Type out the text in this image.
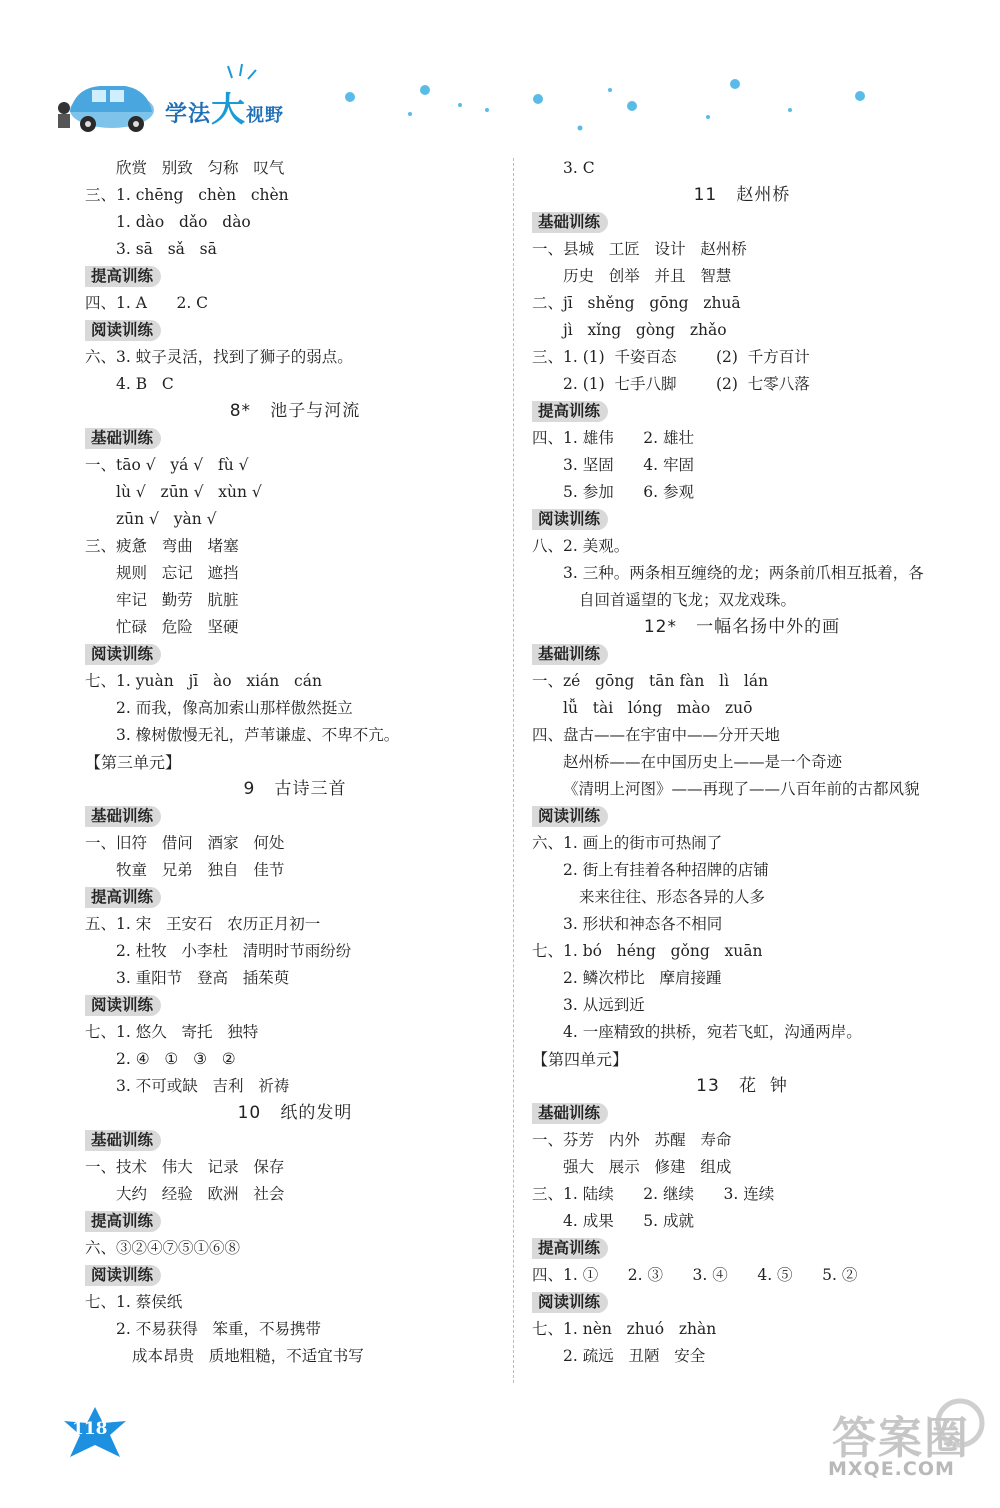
学法大视野
欣赏   别致   匀称   叹气
三、1. chēng   chèn   chèn
1. dào   dǎo   dào
3. sā   sǎ   sā
提高训练
四、1. A      2. C
阅读训练
六、3. 蚊子灵活，找到了狮子的弱点。
4. B   C
8*   池子与河流
基础训练
一、tāo √   yá √   fù √
lù √   zūn √   xùn √
zūn √   yàn √
三、疲惫   弯曲   堵塞
规则   忘记   遮挡
牢记   勤劳   肮脏
忙碌   危险   坚硬
阅读训练
七、1. yuàn   jī   ào   xián   cán
2. 而我，像高加索山那样傲然挺立
3. 橡树傲慢无礼，芦苇谦虚、不卑不亢。
【第三单元】
9   古诗三首
基础训练
一、旧符   借问   酒家   何处
牧童   兄弟   独自   佳节
提高训练
五、1. 宋   王安石   农历正月初一
2. 杜牧   小李杜   清明时节雨纷纷
3. 重阳节   登高   插茱萸
阅读训练
七、1. 悠久   寄托   独特
2. ④   ①   ③   ②
3. 不可或缺   吉利   祈祷
10   纸的发明
基础训练
一、技术   伟大   记录   保存
大约   经验   欧洲   社会
提高训练
六、③②④⑦⑤①⑥⑧
阅读训练
七、1. 蔡侯纸
2. 不易获得   笨重，不易携带
成本昂贵   质地粗糙，不适宜书写
3. C
11   赵州桥
基础训练
一、县城   工匠   设计   赵州桥
历史   创举   并且   智慧
二、jī   shěng   gōng   zhuā
jì   xǐng   gòng   zhǎo
三、1. (1)  千姿百态        (2)  千方百计
2. (1)  七手八脚        (2)  七零八落
提高训练
四、1. 雄伟      2. 雄壮
3. 坚固      4. 牢固
5. 参加      6. 参观
阅读训练
八、2. 美观。
3. 三种。两条相互缠绕的龙；两条前爪相互抵着，各
自回首遥望的飞龙；双龙戏珠。
12*   一幅名扬中外的画
基础训练
一、zé   gōng   tān fàn   lì   lán
lǚ   tài   lóng   mào   zuō
四、盘古——在宇宙中——分开天地
赵州桥——在中国历史上——是一个奇迹
《清明上河图》——再现了——八百年前的古都风貌
阅读训练
六、1. 画上的街市可热闹了
2. 街上有挂着各种招牌的店铺
来来往往、形态各异的人多
3. 形状和神态各不相同
七、1. bó   héng   gǒng   xuān
2. 鳞次栉比   摩肩接踵
3. 从远到近
4. 一座精致的拱桥，宛若飞虹，沟通两岸。
【第四单元】
13   花  钟
基础训练
一、芬芳   内外   苏醒   寿命
强大   展示   修建   组成
三、1. 陆续      2. 继续      3. 连续
4. 成果      5. 成就
提高训练
四、1. ①      2. ③      3. ④      4. ⑤      5. ②
阅读训练
七、1. nèn   zhuó   zhàn
2. 疏远   丑陋   安全
118	答案圈
MXQE.COM
